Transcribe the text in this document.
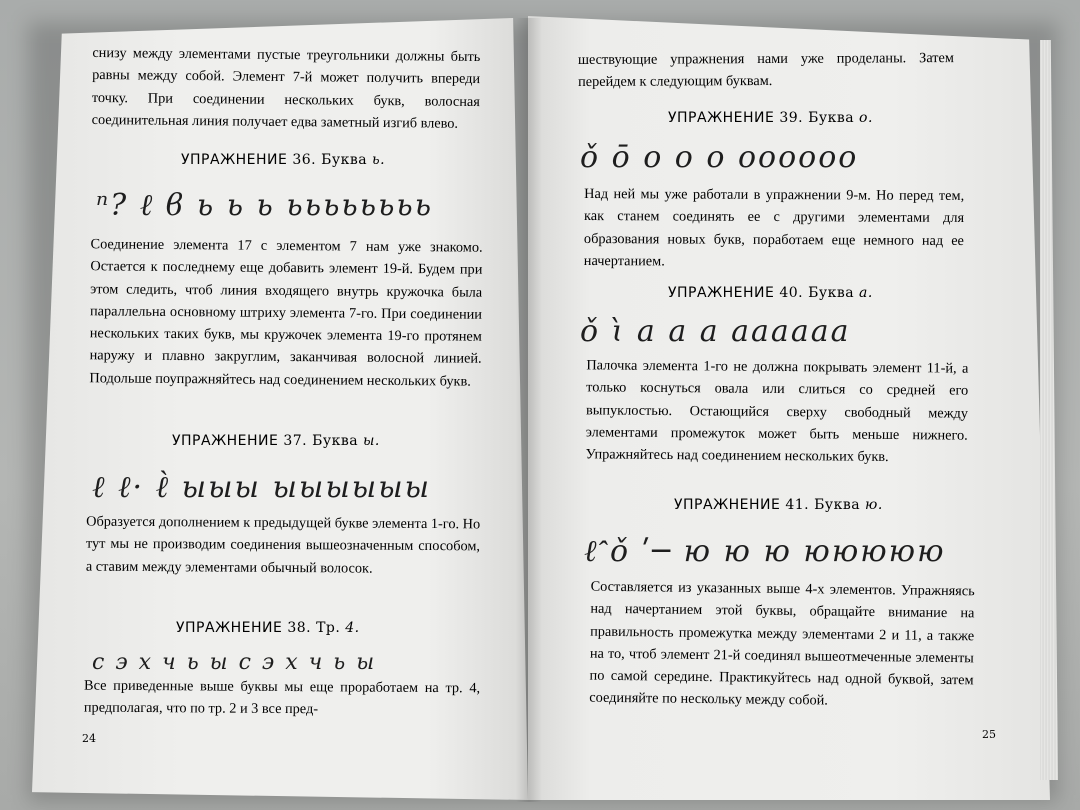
снизу между элементами пустые треугольники должны быть равны между собой. Элемент 7-й может получить впереди точку. При соединении нескольких букв, волосная соединительная линия получает едва заметный изгиб влево.
УПРАЖНЕНИЕ 36. Буква ь.
ⁿ? ℓ ϐ ь ь ь ьььььььь
Соединение элемента 17 с элементом 7 нам уже знакомо. Остается к последнему еще добавить элемент 19-й. Будем при этом следить, чтоб линия входящего внутрь кружочка была параллельна основному штриху элемента 7-го. При соединении нескольких таких букв, мы кружочек элемента 19-го протянем наружу и плавно закруглим, заканчивая волосной линией. Подольше поупражняйтесь над соединением нескольких букв.
УПРАЖНЕНИЕ 37. Буква ы.
ℓ ℓ· ℓ̀ ыыы ыыыыыы
Образуется дополнением к предыдущей букве элемента 1-го. Но тут мы не производим соединения вышеозначенным способом, а ставим между элементами обычный волосок.
УПРАЖНЕНИЕ 38. Тр. 4.
с э х ч ь ы с э х ч ь ы
Все приведенные выше буквы мы еще проработаем на тр. 4, предполагая, что по тр. 2 и 3 все пред-
24
шествующие упражнения нами уже проделаны. Затем перейдем к следующим буквам.
УПРАЖНЕНИЕ 39. Буква о.
ǒ ō о о о оооооо
Над ней мы уже работали в упражнении 9-м. Но перед тем, как станем соединять ее с другими элементами для образования новых букв, поработаем еще немного над ее начертанием.
УПРАЖНЕНИЕ 40. Буква а.
ǒ ɩ̀ а а а аааааа
Палочка элемента 1-го не должна покрывать элемент 11-й, а только коснуться овала или слиться со средней его выпуклостью. Остающийся сверху свободный между элементами промежуток может быть меньше нижнего. Упражняйтесь над соединением нескольких букв.
УПРАЖНЕНИЕ 41. Буква ю.
ℓ̂ ǒ ʹ─ ю ю ю ююююю
Составляется из указанных выше 4-х элементов. Упражняясь над начертанием этой буквы, обращайте внимание на правильность промежутка между элементами 2 и 11, а также на то, чтоб элемент 21-й соединял вышеотмеченные элементы по самой середине. Практикуйтесь над одной буквой, затем соединяйте по нескольку между собой.
25
